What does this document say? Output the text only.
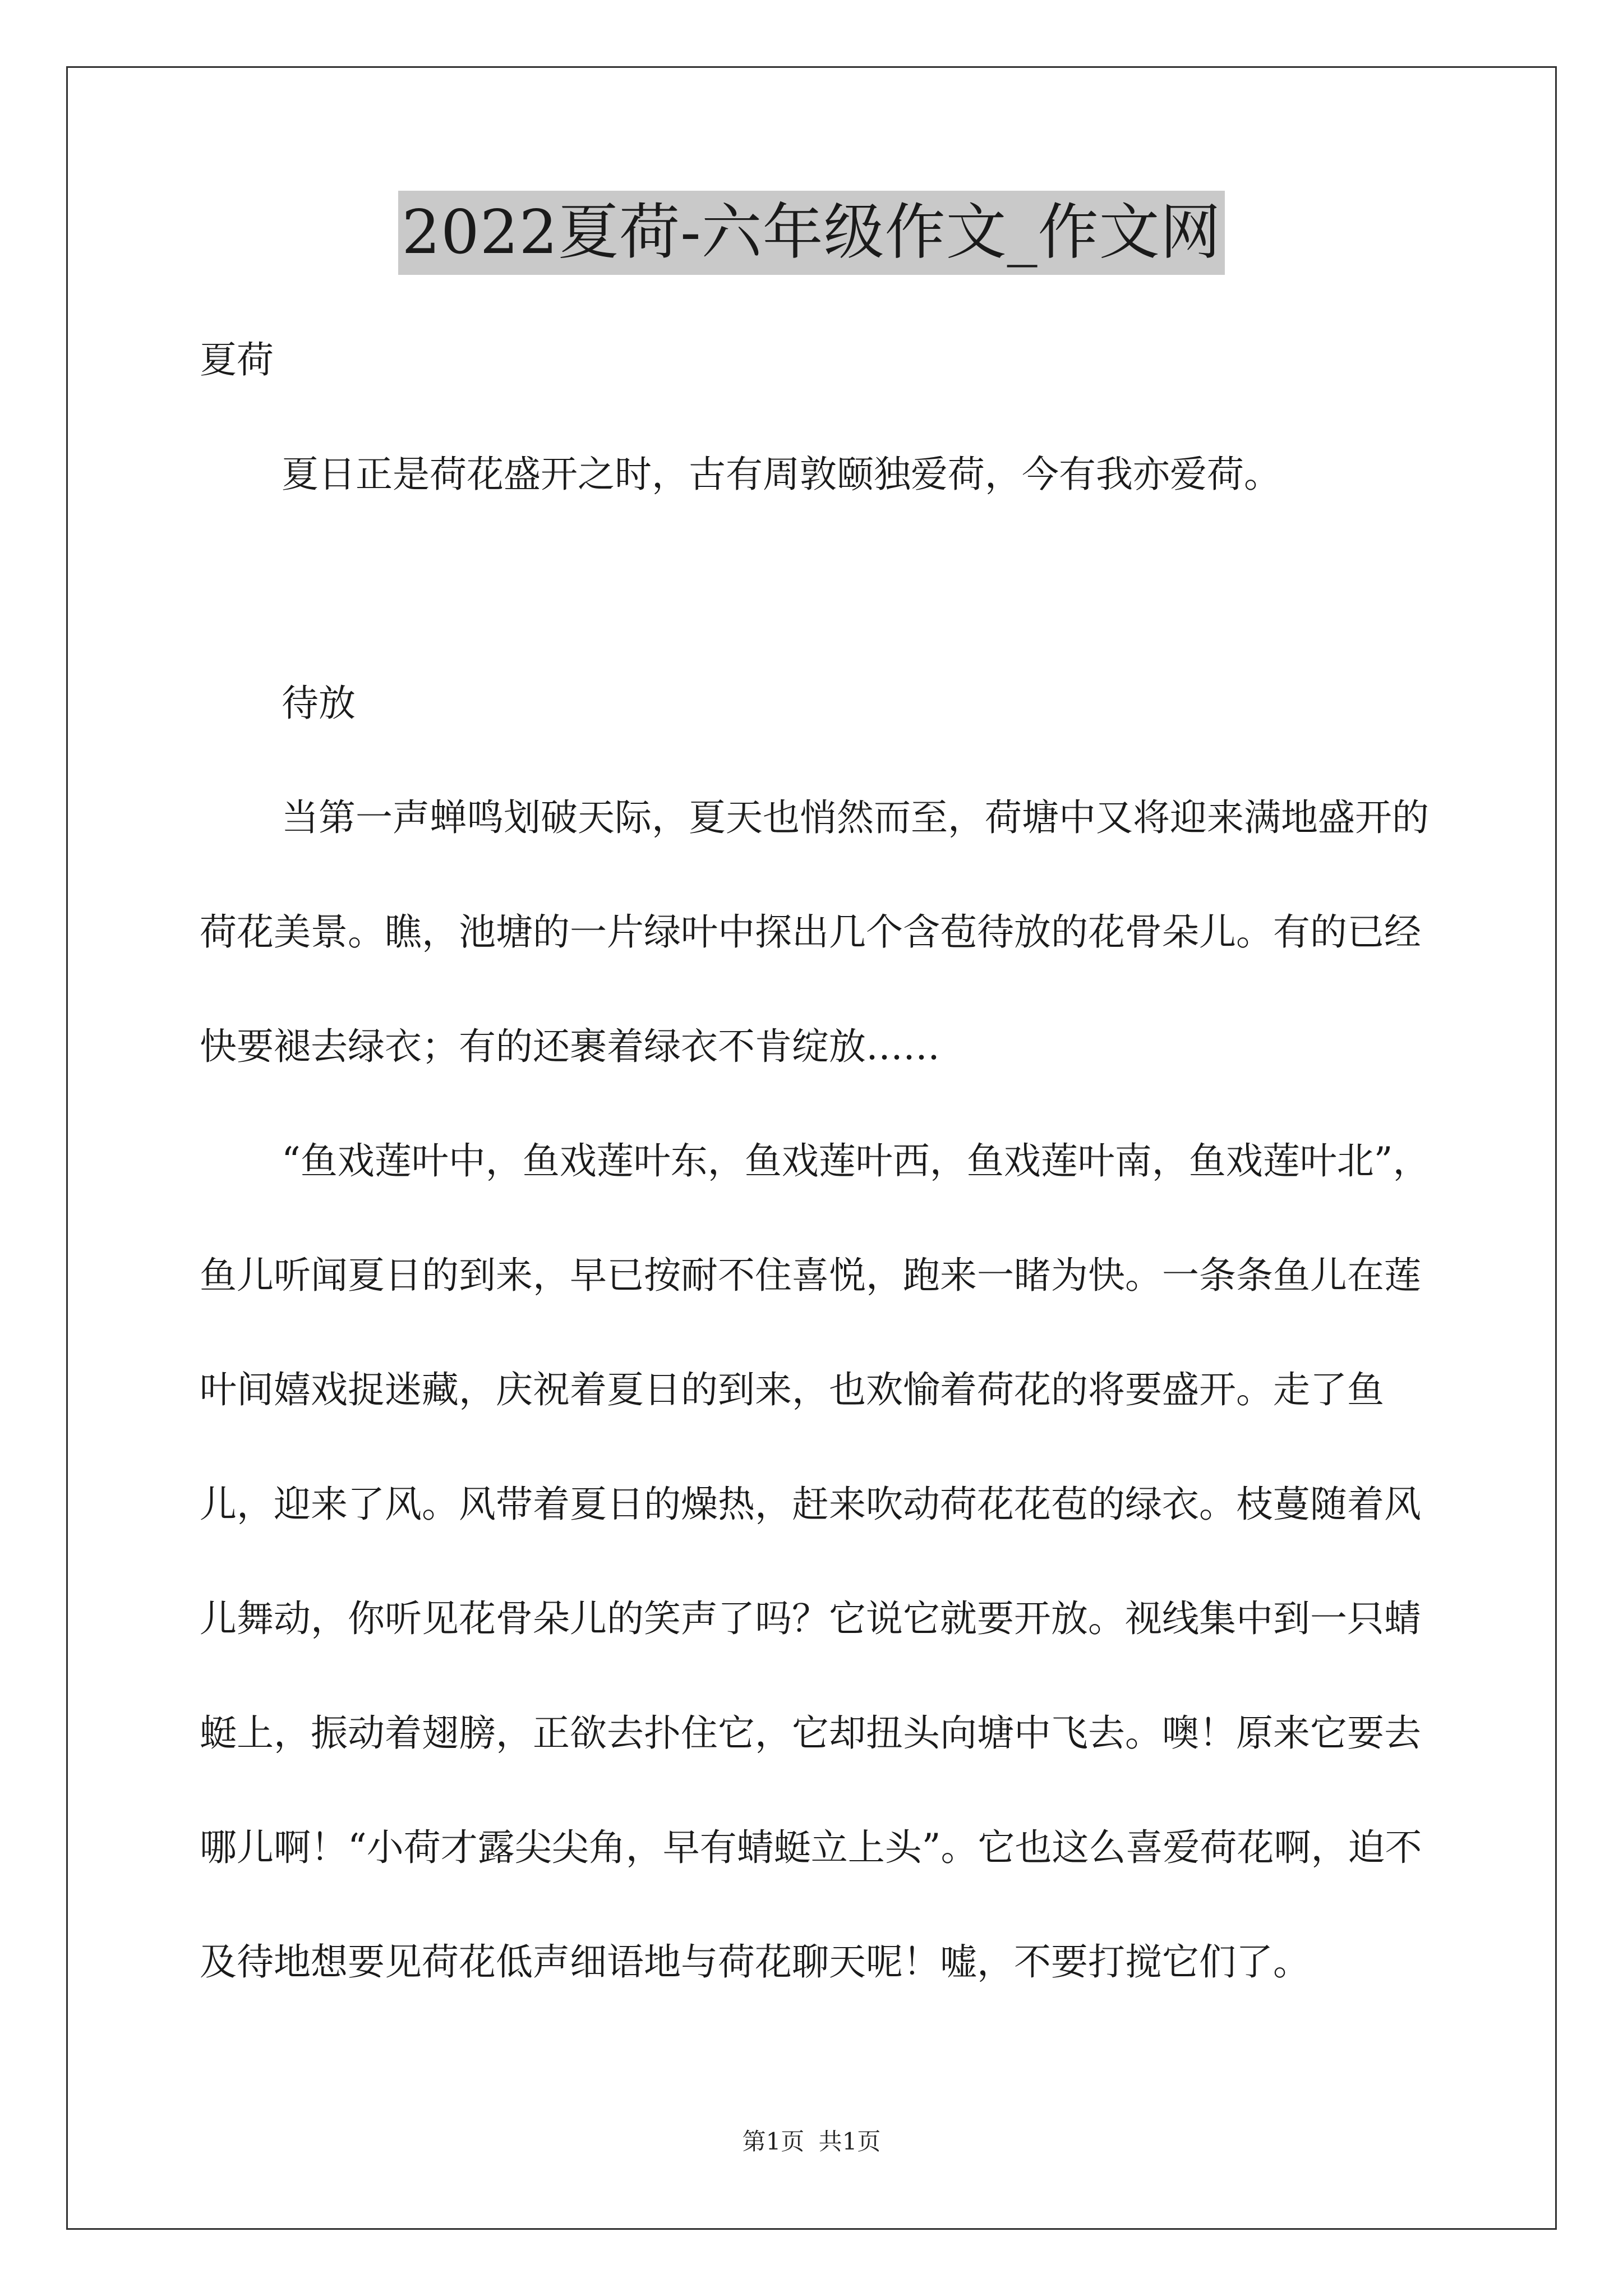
2022夏荷-六年级作文_作文网

夏荷

夏日正是荷花盛开之时，古有周敦颐独爱荷，今有我亦爱荷。

待放

当第一声蝉鸣划破天际，夏天也悄然而至，荷塘中又将迎来满地盛开的荷花美景。瞧，池塘的一片绿叶中探出几个含苞待放的花骨朵儿。有的已经快要褪去绿衣；有的还裹着绿衣不肯绽放……

“鱼戏莲叶中，鱼戏莲叶东，鱼戏莲叶西，鱼戏莲叶南，鱼戏莲叶北”，鱼儿听闻夏日的到来，早已按耐不住喜悦，跑来一睹为快。一条条鱼儿在莲叶间嬉戏捉迷藏，庆祝着夏日的到来，也欢愉着荷花的将要盛开。走了鱼儿，迎来了风。风带着夏日的燥热，赶来吹动荷花花苞的绿衣。枝蔓随着风儿舞动，你听见花骨朵儿的笑声了吗？它说它就要开放。视线集中到一只蜻蜓上，振动着翅膀，正欲去扑住它，它却扭头向塘中飞去。噢！原来它要去哪儿啊！“小荷才露尖尖角，早有蜻蜓立上头”。它也这么喜爱荷花啊，迫不及待地想要见荷花低声细语地与荷花聊天呢！嘘，不要打搅它们了。

第1页 共1页
